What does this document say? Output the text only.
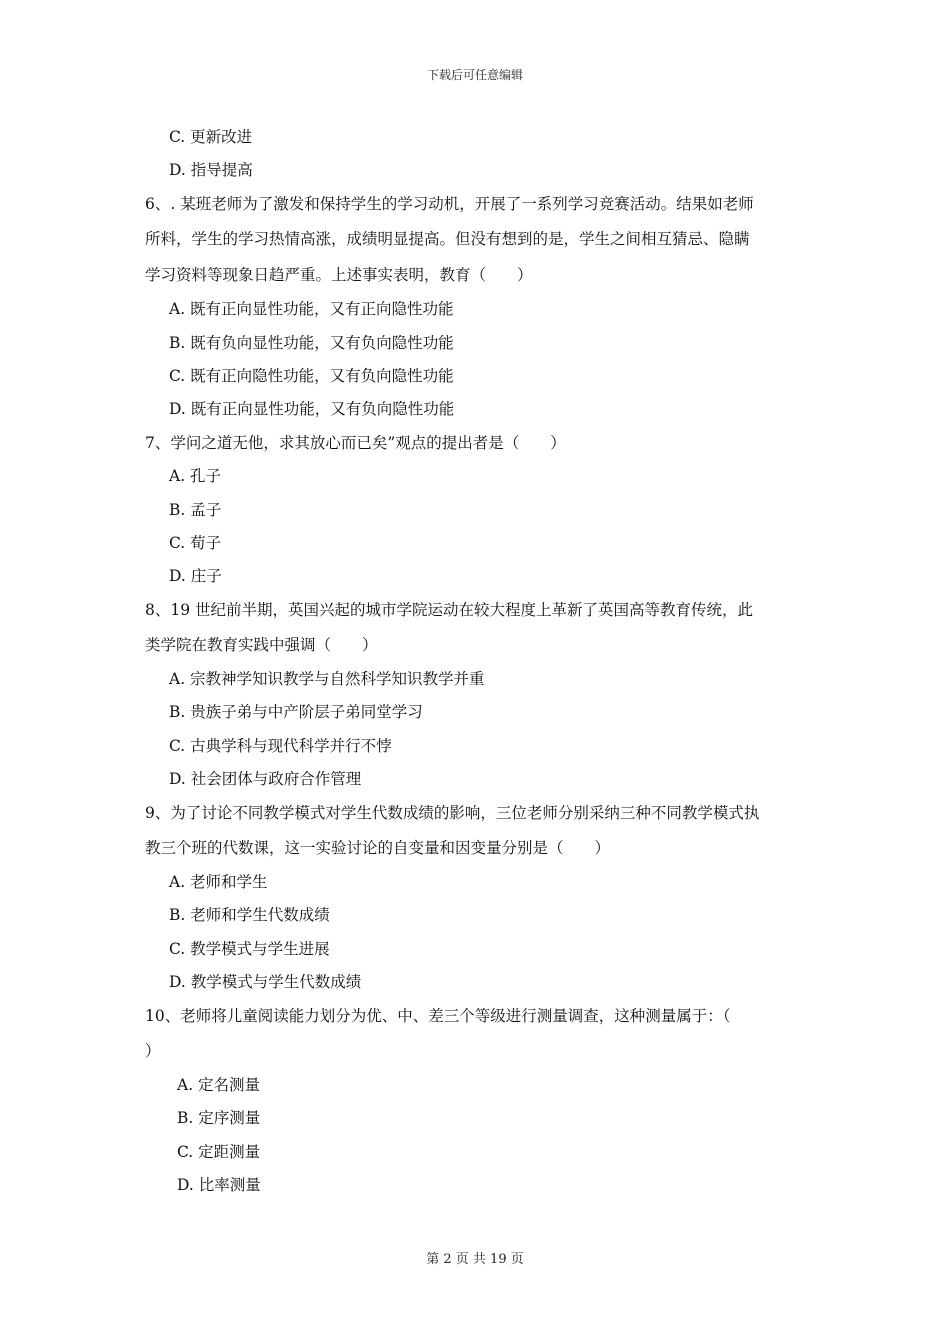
下载后可任意编辑
C. 更新改进
D. 指导提高
6、. 某班老师为了激发和保持学生的学习动机，开展了一系列学习竞赛活动。结果如老师
所料，学生的学习热情高涨，成绩明显提高。但没有想到的是，学生之间相互猜忌、隐瞒
学习资料等现象日趋严重。上述事实表明，教育（　　）
A. 既有正向显性功能，又有正向隐性功能
B. 既有负向显性功能，又有负向隐性功能
C. 既有正向隐性功能，又有负向隐性功能
D. 既有正向显性功能，又有负向隐性功能
7、学问之道无他，求其放心而已矣”观点的提出者是（　　）
A. 孔子
B. 孟子
C. 荀子
D. 庄子
8、19 世纪前半期，英国兴起的城市学院运动在较大程度上革新了英国高等教育传统，此
类学院在教育实践中强调（　　）
A. 宗教神学知识教学与自然科学知识教学并重
B. 贵族子弟与中产阶层子弟同堂学习
C. 古典学科与现代科学并行不悖
D. 社会团体与政府合作管理
9、为了讨论不同教学模式对学生代数成绩的影响，三位老师分别采纳三种不同教学模式执
教三个班的代数课，这一实验讨论的自变量和因变量分别是（　　）
A. 老师和学生
B. 老师和学生代数成绩
C. 教学模式与学生进展
D. 教学模式与学生代数成绩
10、老师将儿童阅读能力划分为优、中、差三个等级进行测量调查，这种测量属于：（
）
A. 定名测量
B. 定序测量
C. 定距测量
D. 比率测量
第 2 页 共 19 页
